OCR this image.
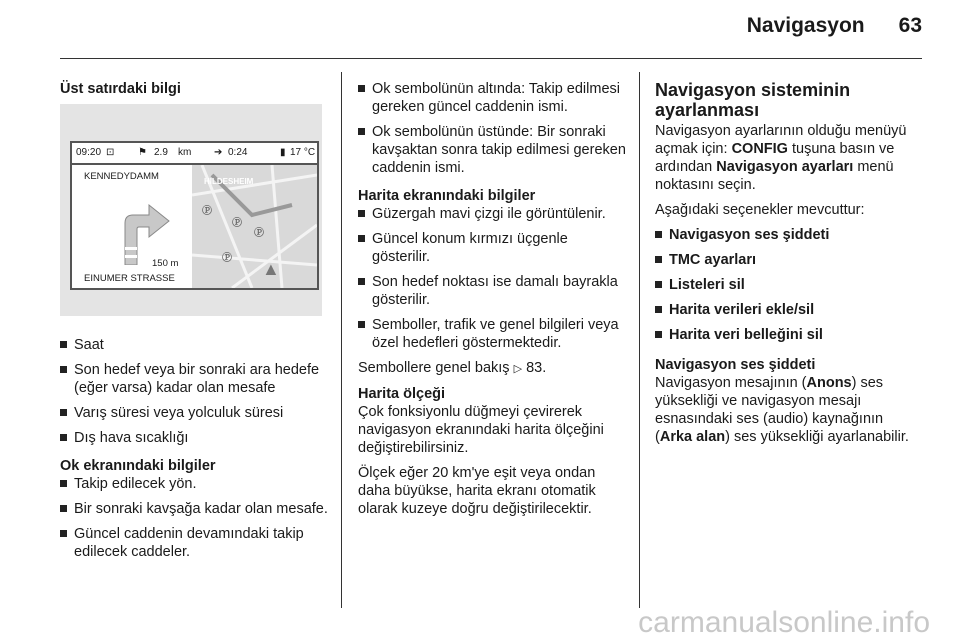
Navigasyon 63
Üst satırdaki bilgi
09:20 ⊡ ⚑ 2.9 km ➔ 0:24	▮ 17 °C
KENNEDYDAMM
150 m
EINUMER STRASSE
HILDESHEIM
Ⓟ
Ⓟ
Ⓟ
Ⓟ
▲
Saat
Son hedef veya bir sonraki ara hedefe (eğer varsa) kadar olan mesafe
Varış süresi veya yolculuk süresi
Dış hava sıcaklığı
Ok ekranındaki bilgiler
Takip edilecek yön.
Bir sonraki kavşağa kadar olan mesafe.
Güncel caddenin devamındaki takip edilecek caddeler.
Ok sembolünün altında: Takip edilmesi gereken güncel caddenin ismi.
Ok sembolünün üstünde: Bir sonraki kavşaktan sonra takip edilmesi gereken caddenin ismi.
Harita ekranındaki bilgiler
Güzergah mavi çizgi ile görüntülenir.
Güncel konum kırmızı üçgenle gösterilir.
Son hedef noktası ise damalı bayrakla gösterilir.
Semboller, trafik ve genel bilgileri veya özel hedefleri göstermektedir.

Sembollere genel bakış ▷ 83.

Harita ölçeği

Çok fonksiyonlu düğmeyi çevirerek navigasyon ekranındaki harita ölçeğini değiştirebilirsiniz.

Ölçek eğer 20 km'ye eşit veya ondan daha büyükse, harita ekranı otomatik olarak kuzeye doğru değiştirilecektir.

Navigasyon sisteminin ayarlanması

Navigasyon ayarlarının olduğu menüyü açmak için: CONFIG tuşuna basın ve ardından Navigasyon ayarları menü noktasını seçin.

Aşağıdaki seçenekler mevcuttur:

Navigasyon ses şiddeti
TMC ayarları
Listeleri sil
Harita verileri ekle/sil
Harita veri belleğini sil
Navigasyon ses şiddeti

Navigasyon mesajının (Anons) ses yüksekliği ve navigasyon mesajı esnasındaki ses (audio) kaynağının (Arka alan) ses yüksekliği ayarlanabilir.

carmanualsonline.info
